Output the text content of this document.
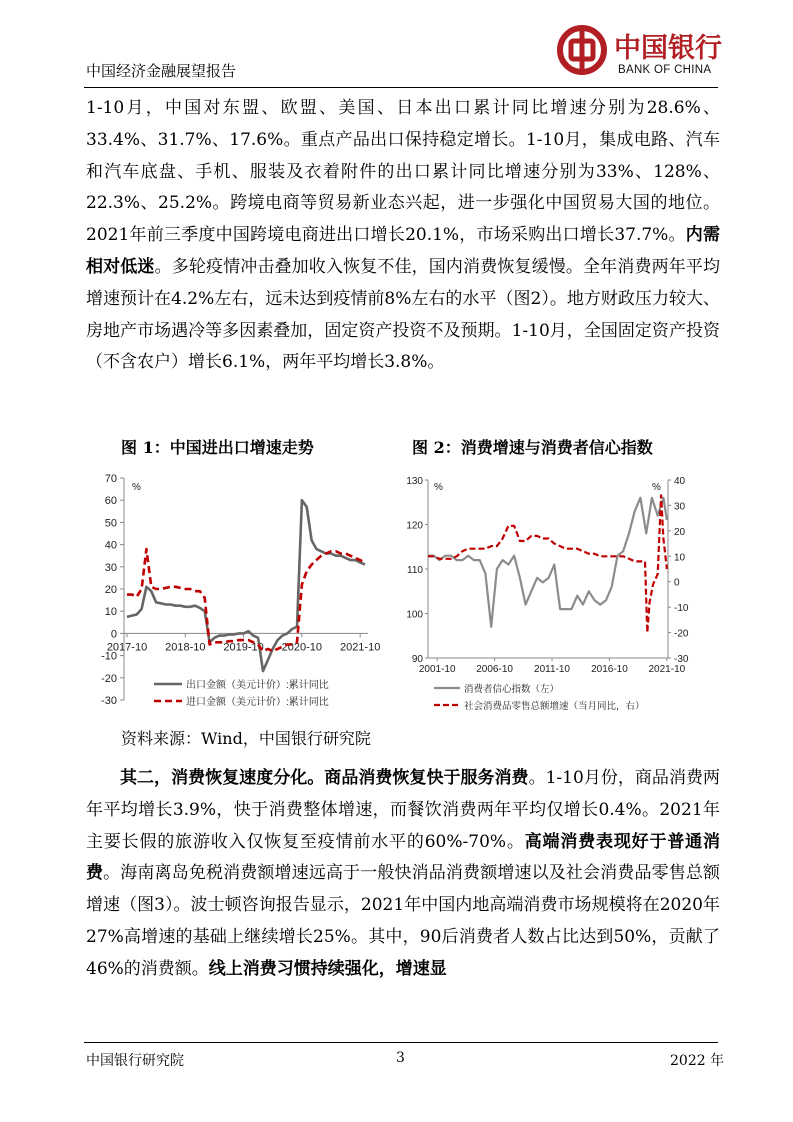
中国银行
BANK OF CHINA
中国经济金融展望报告
1-10月，中国对东盟、欧盟、美国、日本出口累计同比增速分别为28.6%、33.4%、31.7%、17.6%。重点产品出口保持稳定增长。1-10月，集成电路、汽车和汽车底盘、手机、服装及衣着附件的出口累计同比增速分别为33%、128%、22.3%、25.2%。跨境电商等贸易新业态兴起，进一步强化中国贸易大国的地位。2021年前三季度中国跨境电商进出口增长20.1%，市场采购出口增长37.7%。内需相对低迷。多轮疫情冲击叠加收入恢复不佳，国内消费恢复缓慢。全年消费两年平均增速预计在4.2%左右，远未达到疫情前8%左右的水平（图2）。地方财政压力较大、房地产市场遇冷等多因素叠加，固定资产投资不及预期。1-10月，全国固定资产投资（不含农户）增长6.1%，两年平均增长3.8%。
图 1：中国进出口增速走势	图 2：消费增速与消费者信心指数
70
60
50
40
30
20
10
0
-10
-20
-30
2017-10 2018-10 2019-10 2020-10 2021-10
%
出口金额（美元计价）:累计同比
进口金额（美元计价）:累计同比
130
120
110
100
90
40
30
20
10
0
-10
-20
-30
2001-10 2006-10 2011-10 2016-10 2021-10
%	%
消费者信心指数（左）
社会消费品零售总额增速（当月同比，右）
资料来源：Wind，中国银行研究院
其二，消费恢复速度分化。商品消费恢复快于服务消费。1-10月份，商品消费两年平均增长3.9%，快于消费整体增速，而餐饮消费两年平均仅增长0.4%。2021年主要长假的旅游收入仅恢复至疫情前水平的60%-70%。高端消费表现好于普通消费。海南离岛免税消费额增速远高于一般快消品消费额增速以及社会消费品零售总额增速（图3）。波士顿咨询报告显示，2021年中国内地高端消费市场规模将在2020年27%高增速的基础上继续增长25%。其中，90后消费者人数占比达到50%，贡献了46%的消费额。线上消费习惯持续强化，增速显
中国银行研究院	3	2022 年
